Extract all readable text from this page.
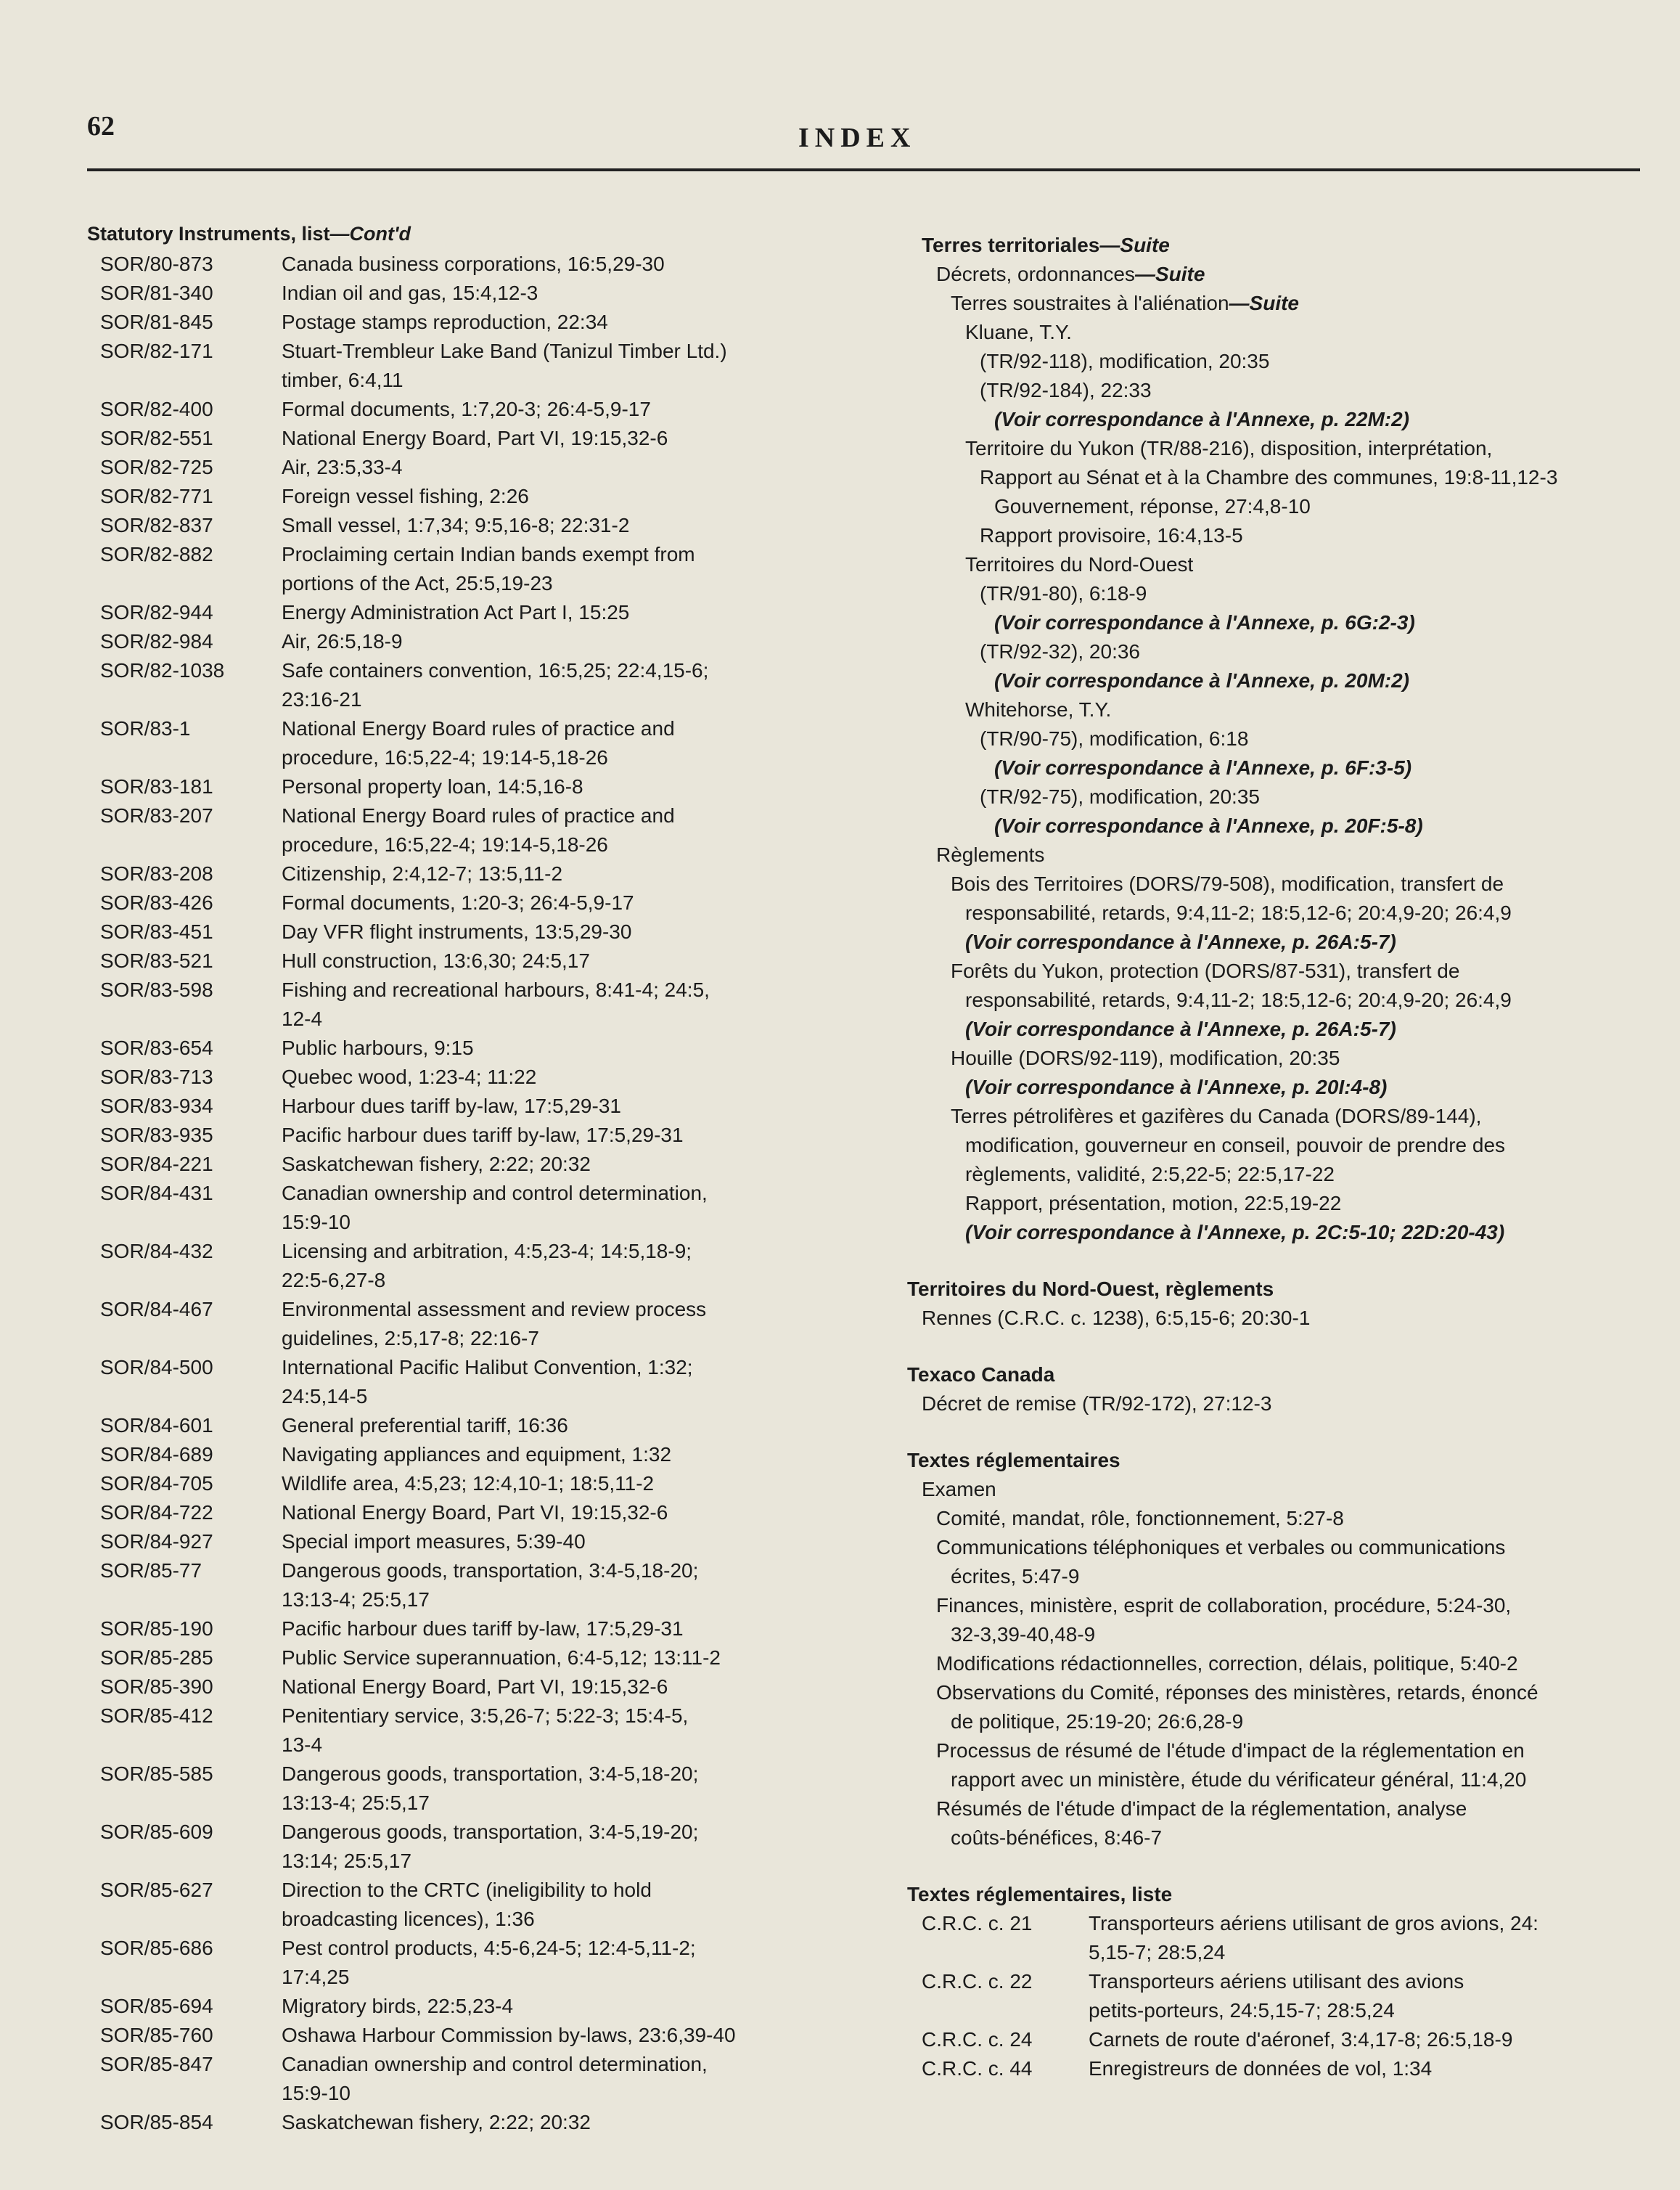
62	INDEX
Statutory Instruments, list—Cont'd
SOR/80-873	Canada business corporations, 16:5,29-30
SOR/81-340	Indian oil and gas, 15:4,12-3
SOR/81-845	Postage stamps reproduction, 22:34
SOR/82-171	Stuart-Trembleur Lake Band (Tanizul Timber Ltd.)
timber, 6:4,11
SOR/82-400	Formal documents, 1:7,20-3; 26:4-5,9-17
SOR/82-551	National Energy Board, Part VI, 19:15,32-6
SOR/82-725	Air, 23:5,33-4
SOR/82-771	Foreign vessel fishing, 2:26
SOR/82-837	Small vessel, 1:7,34; 9:5,16-8; 22:31-2
SOR/82-882	Proclaiming certain Indian bands exempt from
portions of the Act, 25:5,19-23
SOR/82-944	Energy Administration Act Part I, 15:25
SOR/82-984	Air, 26:5,18-9
SOR/82-1038	Safe containers convention, 16:5,25; 22:4,15-6;
23:16-21
SOR/83-1	National Energy Board rules of practice and
procedure, 16:5,22-4; 19:14-5,18-26
SOR/83-181	Personal property loan, 14:5,16-8
SOR/83-207	National Energy Board rules of practice and
procedure, 16:5,22-4; 19:14-5,18-26
SOR/83-208	Citizenship, 2:4,12-7; 13:5,11-2
SOR/83-426	Formal documents, 1:20-3; 26:4-5,9-17
SOR/83-451	Day VFR flight instruments, 13:5,29-30
SOR/83-521	Hull construction, 13:6,30; 24:5,17
SOR/83-598	Fishing and recreational harbours, 8:41-4; 24:5,
12-4
SOR/83-654	Public harbours, 9:15
SOR/83-713	Quebec wood, 1:23-4; 11:22
SOR/83-934	Harbour dues tariff by-law, 17:5,29-31
SOR/83-935	Pacific harbour dues tariff by-law, 17:5,29-31
SOR/84-221	Saskatchewan fishery, 2:22; 20:32
SOR/84-431	Canadian ownership and control determination,
15:9-10
SOR/84-432	Licensing and arbitration, 4:5,23-4; 14:5,18-9;
22:5-6,27-8
SOR/84-467	Environmental assessment and review process
guidelines, 2:5,17-8; 22:16-7
SOR/84-500	International Pacific Halibut Convention, 1:32;
24:5,14-5
SOR/84-601	General preferential tariff, 16:36
SOR/84-689	Navigating appliances and equipment, 1:32
SOR/84-705	Wildlife area, 4:5,23; 12:4,10-1; 18:5,11-2
SOR/84-722	National Energy Board, Part VI, 19:15,32-6
SOR/84-927	Special import measures, 5:39-40
SOR/85-77	Dangerous goods, transportation, 3:4-5,18-20;
13:13-4; 25:5,17
SOR/85-190	Pacific harbour dues tariff by-law, 17:5,29-31
SOR/85-285	Public Service superannuation, 6:4-5,12; 13:11-2
SOR/85-390	National Energy Board, Part VI, 19:15,32-6
SOR/85-412	Penitentiary service, 3:5,26-7; 5:22-3; 15:4-5,
13-4
SOR/85-585	Dangerous goods, transportation, 3:4-5,18-20;
13:13-4; 25:5,17
SOR/85-609	Dangerous goods, transportation, 3:4-5,19-20;
13:14; 25:5,17
SOR/85-627	Direction to the CRTC (ineligibility to hold
broadcasting licences), 1:36
SOR/85-686	Pest control products, 4:5-6,24-5; 12:4-5,11-2;
17:4,25
SOR/85-694	Migratory birds, 22:5,23-4
SOR/85-760	Oshawa Harbour Commission by-laws, 23:6,39-40
SOR/85-847	Canadian ownership and control determination,
15:9-10
SOR/85-854	Saskatchewan fishery, 2:22; 20:32
Terres territoriales—Suite
Décrets, ordonnances—Suite
Terres soustraites à l'aliénation—Suite
Kluane, T.Y.
(TR/92-118), modification, 20:35
(TR/92-184), 22:33
(Voir correspondance à l'Annexe, p. 22M:2)
Territoire du Yukon (TR/88-216), disposition, interprétation,
Rapport au Sénat et à la Chambre des communes, 19:8-11,12-3
Gouvernement, réponse, 27:4,8-10
Rapport provisoire, 16:4,13-5
Territoires du Nord-Ouest
(TR/91-80), 6:18-9
(Voir correspondance à l'Annexe, p. 6G:2-3)
(TR/92-32), 20:36
(Voir correspondance à l'Annexe, p. 20M:2)
Whitehorse, T.Y.
(TR/90-75), modification, 6:18
(Voir correspondance à l'Annexe, p. 6F:3-5)
(TR/92-75), modification, 20:35
(Voir correspondance à l'Annexe, p. 20F:5-8)
Règlements
Bois des Territoires (DORS/79-508), modification, transfert de
responsabilité, retards, 9:4,11-2; 18:5,12-6; 20:4,9-20; 26:4,9
(Voir correspondance à l'Annexe, p. 26A:5-7)
Forêts du Yukon, protection (DORS/87-531), transfert de
responsabilité, retards, 9:4,11-2; 18:5,12-6; 20:4,9-20; 26:4,9
(Voir correspondance à l'Annexe, p. 26A:5-7)
Houille (DORS/92-119), modification, 20:35
(Voir correspondance à l'Annexe, p. 20I:4-8)
Terres pétrolifères et gazifères du Canada (DORS/89-144),
modification, gouverneur en conseil, pouvoir de prendre des
règlements, validité, 2:5,22-5; 22:5,17-22
Rapport, présentation, motion, 22:5,19-22
(Voir correspondance à l'Annexe, p. 2C:5-10; 22D:20-43)
Territoires du Nord-Ouest, règlements
Rennes (C.R.C. c. 1238), 6:5,15-6; 20:30-1
Texaco Canada
Décret de remise (TR/92-172), 27:12-3
Textes réglementaires
Examen
Comité, mandat, rôle, fonctionnement, 5:27-8
Communications téléphoniques et verbales ou communications
écrites, 5:47-9
Finances, ministère, esprit de collaboration, procédure, 5:24-30,
32-3,39-40,48-9
Modifications rédactionnelles, correction, délais, politique, 5:40-2
Observations du Comité, réponses des ministères, retards, énoncé
de politique, 25:19-20; 26:6,28-9
Processus de résumé de l'étude d'impact de la réglementation en
rapport avec un ministère, étude du vérificateur général, 11:4,20
Résumés de l'étude d'impact de la réglementation, analyse
coûts-bénéfices, 8:46-7
Textes réglementaires, liste
C.R.C. c. 21	Transporteurs aériens utilisant de gros avions, 24:
5,15-7; 28:5,24
C.R.C. c. 22	Transporteurs aériens utilisant des avions
petits-porteurs, 24:5,15-7; 28:5,24
C.R.C. c. 24	Carnets de route d'aéronef, 3:4,17-8; 26:5,18-9
C.R.C. c. 44	Enregistreurs de données de vol, 1:34
